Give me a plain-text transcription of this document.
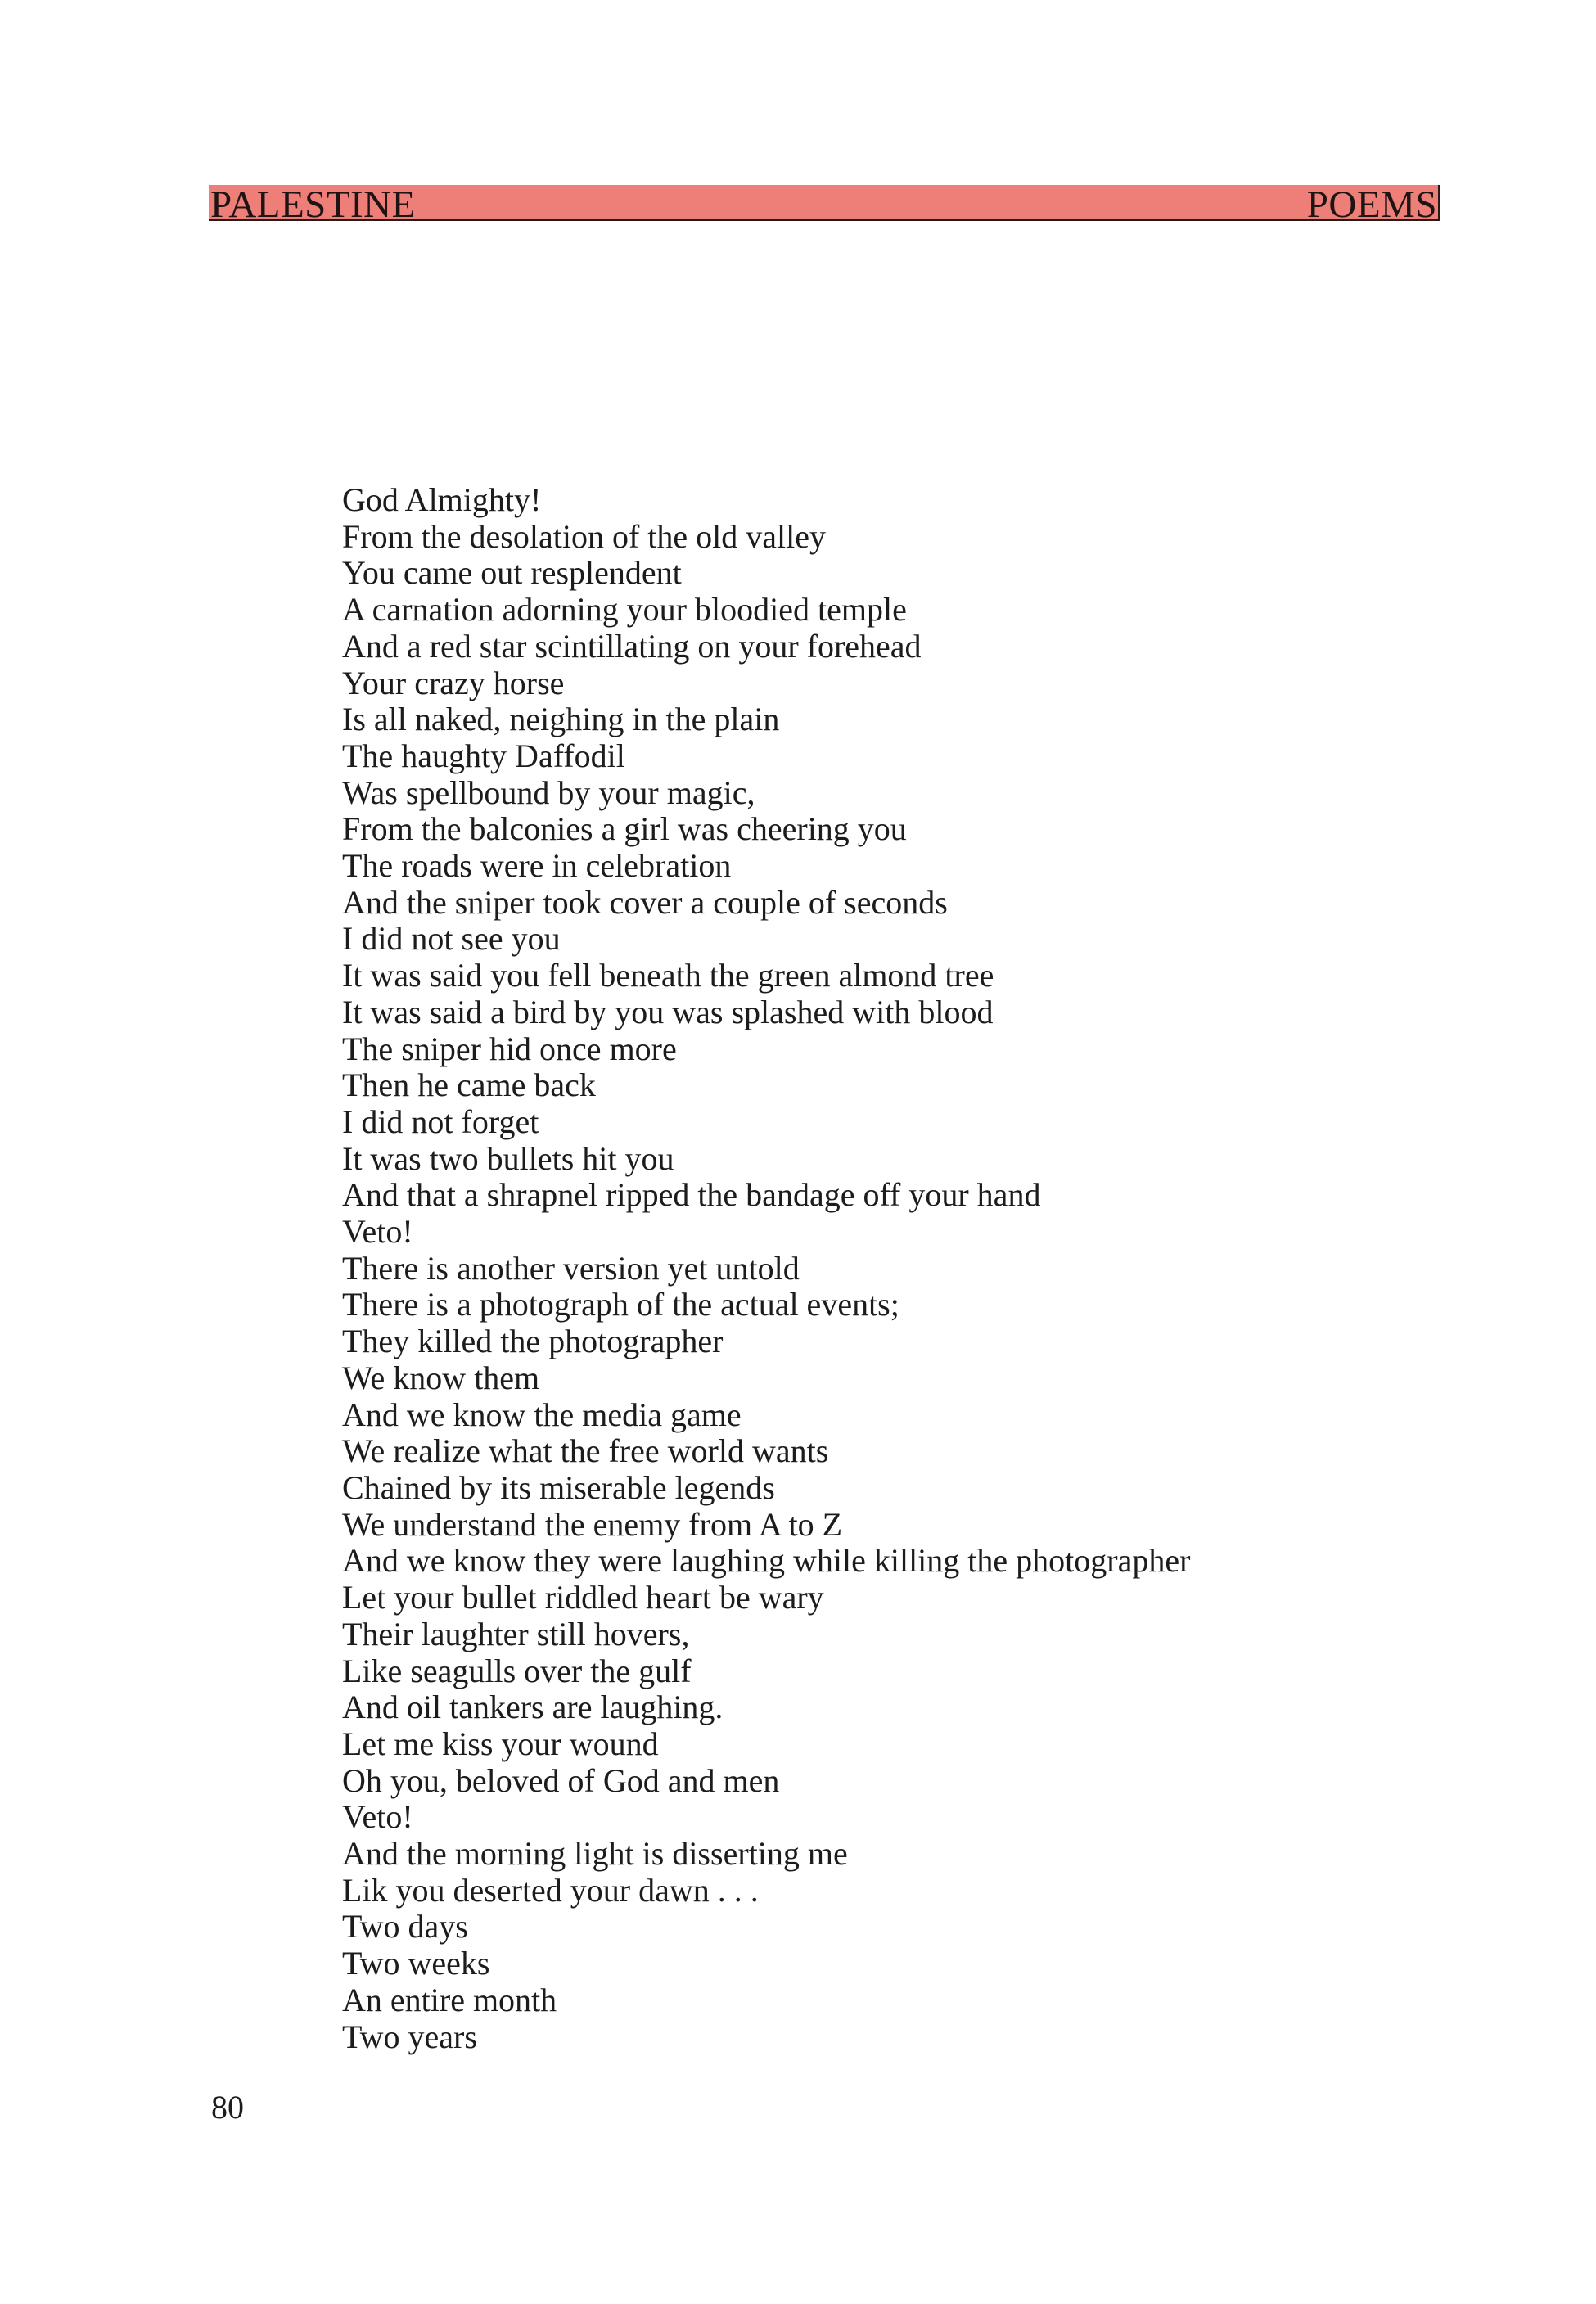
PALESTINE	POEMS
God Almighty!
From the desolation of the old valley
You came out resplendent
A carnation adorning your bloodied temple
And a red star scintillating on your forehead
Your crazy horse
Is all naked, neighing in the plain
The haughty Daffodil
Was spellbound by your magic,
From the balconies a girl was cheering you
The roads were in celebration
And the sniper took cover a couple of seconds
I did not see you
It was said you fell beneath the green almond tree
It was said a bird by you was splashed with blood
The sniper hid once more
Then he came back
I did not forget
It was two bullets hit you
And that a shrapnel ripped the bandage off your hand
Veto!
There is another version yet untold
There is a photograph of the actual events;
They killed the photographer
We know them
And we know the media game
We realize what the free world wants
Chained by its miserable legends
We understand the enemy from A to Z
And we know they were laughing while killing the photographer
Let your bullet riddled heart be wary
Their laughter still hovers,
Like seagulls over the gulf
And oil tankers are laughing.
Let me kiss your wound
Oh you, beloved of God and men
Veto!
And the morning light is disserting me
Lik you deserted your dawn . . .
Two days
Two weeks
An entire month
Two years
80
